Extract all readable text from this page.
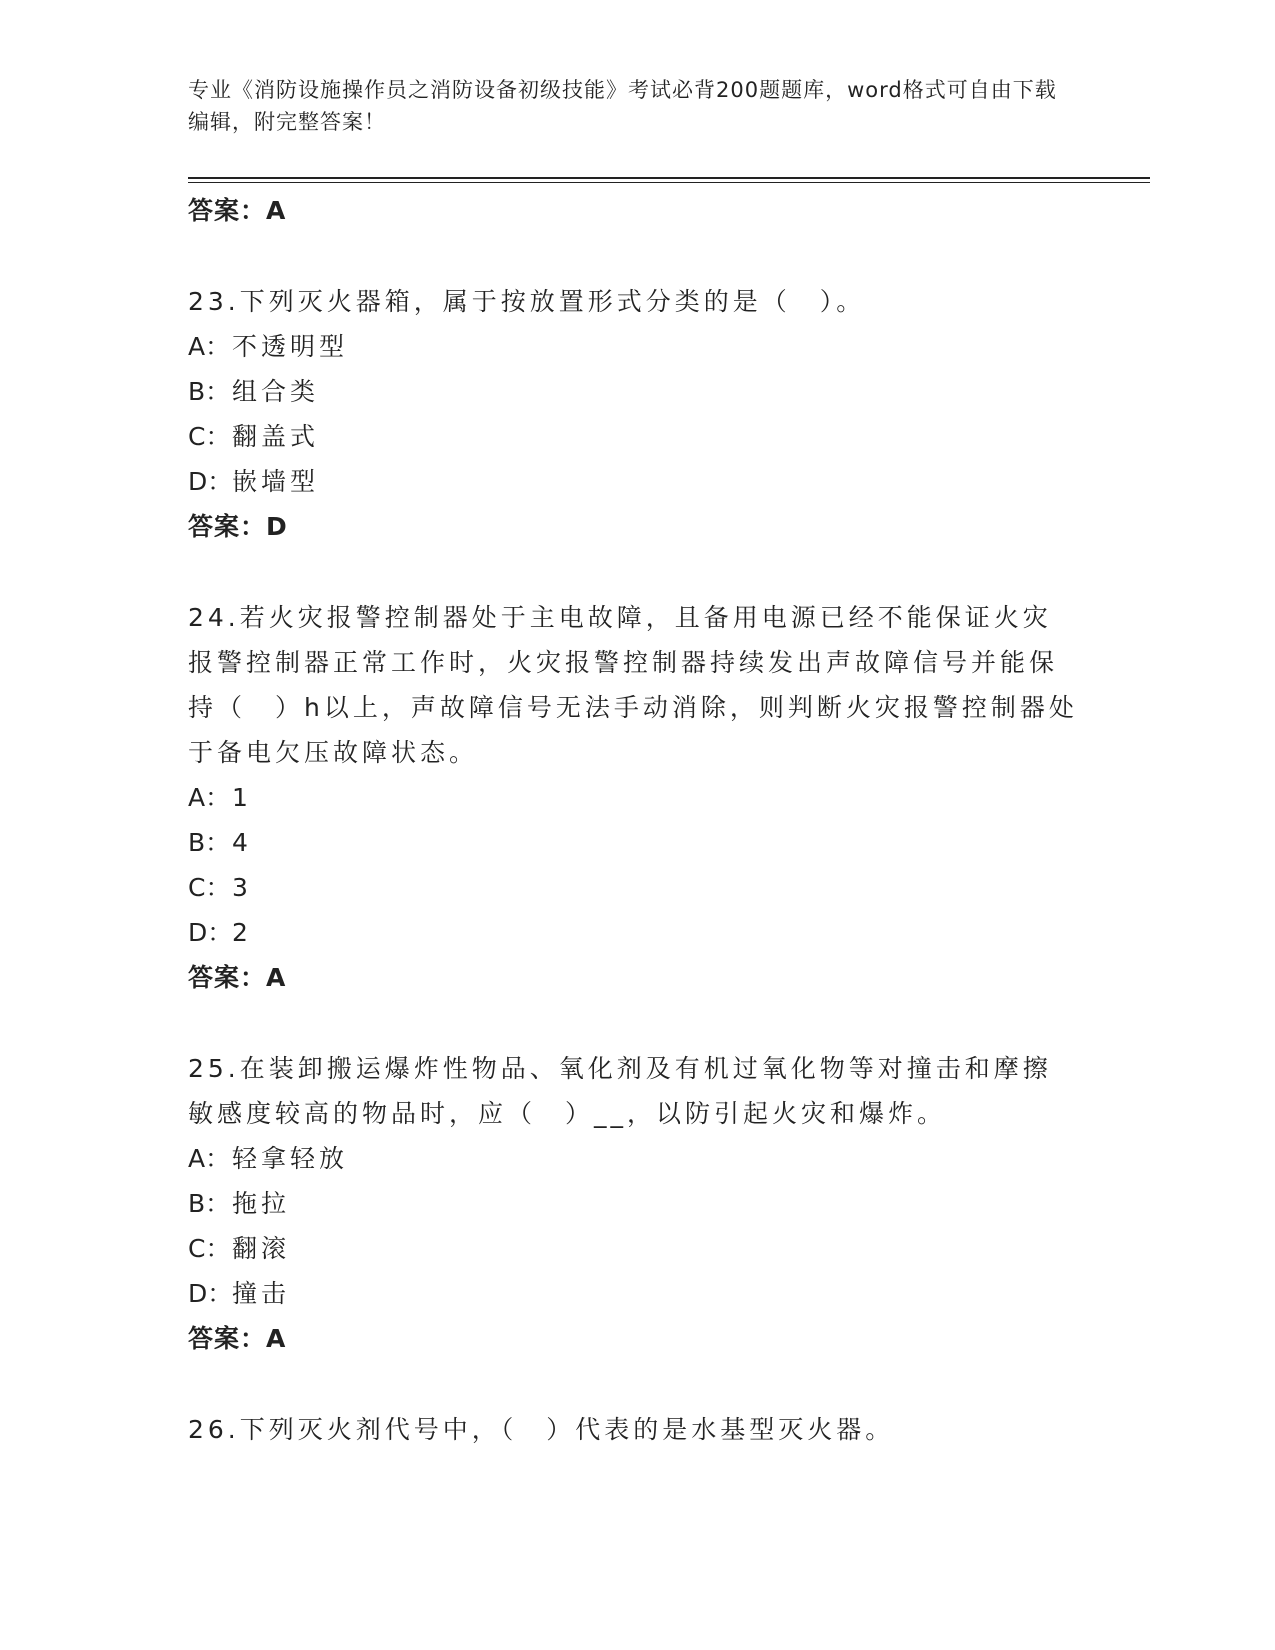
专业《消防设施操作员之消防设备初级技能》考试必背200题题库，word格式可自由下载编辑，附完整答案！
答案：A
23.下列灭火器箱，属于按放置形式分类的是（　）。
A：不透明型
B：组合类
C：翻盖式
D：嵌墙型
答案：D
24.若火灾报警控制器处于主电故障，且备用电源已经不能保证火灾报警控制器正常工作时，火灾报警控制器持续发出声故障信号并能保持（　）h以上，声故障信号无法手动消除，则判断火灾报警控制器处于备电欠压故障状态。
A：1
B：4
C：3
D：2
答案：A
25.在装卸搬运爆炸性物品、氧化剂及有机过氧化物等对撞击和摩擦敏感度较高的物品时，应（　）__，以防引起火灾和爆炸。
A：轻拿轻放
B：拖拉
C：翻滚
D：撞击
答案：A
26.下列灭火剂代号中，（　）代表的是水基型灭火器。
